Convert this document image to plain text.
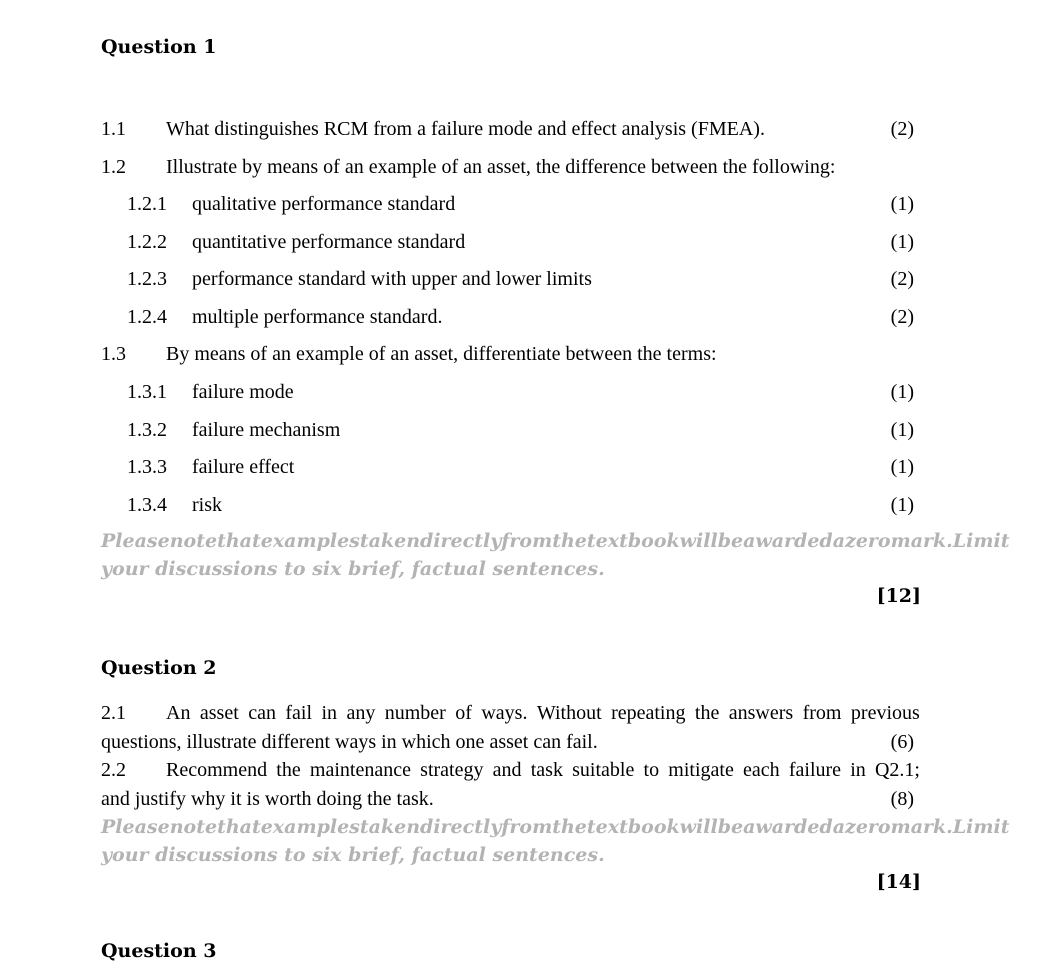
Question 1
1.1 What distinguishes RCM from a failure mode and effect analysis (FMEA).	(2)
1.2 Illustrate by means of an example of an asset, the difference between the following:
1.2.1 qualitative performance standard	(1)
1.2.2 quantitative performance standard	(1)
1.2.3 performance standard with upper and lower limits	(2)
1.2.4 multiple performance standard.	(2)
1.3 By means of an example of an asset, differentiate between the terms:
1.3.1 failure mode	(1)
1.3.2 failure mechanism	(1)
1.3.3 failure effect	(1)
1.3.4 risk	(1)
Please note that examples taken directly from the textbook will be awarded a zero mark. Limit
your discussions to six brief, factual sentences.
[12]
Question 2
2.1	An asset can fail in any number of ways. Without repeating the answers from previous
questions, illustrate different ways in which one asset can fail.	(6)
2.2	Recommend the maintenance strategy and task suitable to mitigate each failure in Q2.1;
and justify why it is worth doing the task.	(8)
Please note that examples taken directly from the textbook will be awarded a zero mark. Limit
your discussions to six brief, factual sentences.
[14]
Question 3
